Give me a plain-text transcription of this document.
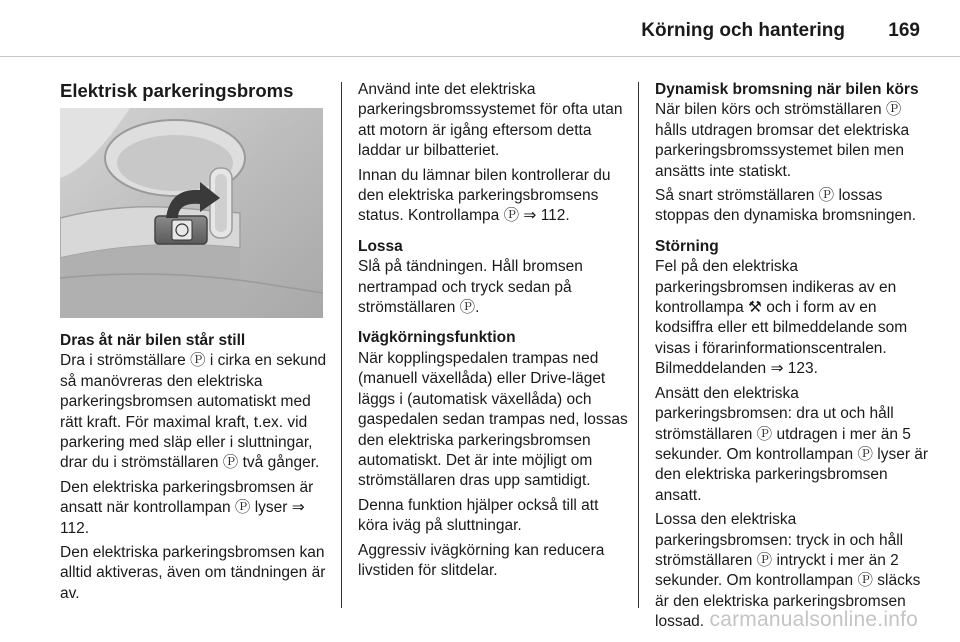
Körning och hantering 169
Elektrisk parkeringsbroms
Dras åt när bilen står still

Dra i strömställare Ⓟ i cirka en sekund så manövreras den elektriska parkeringsbromsen automatiskt med rätt kraft. För maximal kraft, t.ex. vid parkering med släp eller i sluttningar, drar du i strömställaren Ⓟ två gånger.

Den elektriska parkeringsbromsen är ansatt när kontrollampan Ⓟ lyser ⇒ 112.

Den elektriska parkeringsbromsen kan alltid aktiveras, även om tändningen är av.

Använd inte det elektriska parkeringsbromssystemet för ofta utan att motorn är igång eftersom detta laddar ur bilbatteriet.

Innan du lämnar bilen kontrollerar du den elektriska parkeringsbromsens status. Kontrollampa Ⓟ ⇒ 112.

Lossa

Slå på tändningen. Håll bromsen nertrampad och tryck sedan på strömställaren Ⓟ.

Ivägkörningsfunktion

När kopplingspedalen trampas ned (manuell växellåda) eller Drive-läget läggs i (automatisk växellåda) och gaspedalen sedan trampas ned, lossas den elektriska parkeringsbromsen automatiskt. Det är inte möjligt om strömställaren dras upp samtidigt.

Denna funktion hjälper också till att köra iväg på sluttningar.

Aggressiv ivägkörning kan reducera livstiden för slitdelar.

Dynamisk bromsning när bilen körs

När bilen körs och strömställaren Ⓟ hålls utdragen bromsar det elektriska parkeringsbromssystemet bilen men ansätts inte statiskt.

Så snart strömställaren Ⓟ lossas stoppas den dynamiska bromsningen.

Störning

Fel på den elektriska parkeringsbromsen indikeras av en kontrollampa ⚒ och i form av en kodsiffra eller ett bilmeddelande som visas i förarinformationscentralen. Bilmeddelanden ⇒ 123.

Ansätt den elektriska parkeringsbromsen: dra ut och håll strömställaren Ⓟ utdragen i mer än 5 sekunder. Om kontrollampan Ⓟ lyser är den elektriska parkeringsbromsen ansatt.

Lossa den elektriska parkeringsbromsen: tryck in och håll strömställaren Ⓟ intryckt i mer än 2 sekunder. Om kontrollampan Ⓟ släcks är den elektriska parkeringsbromsen lossad. carmanualsonline.info
